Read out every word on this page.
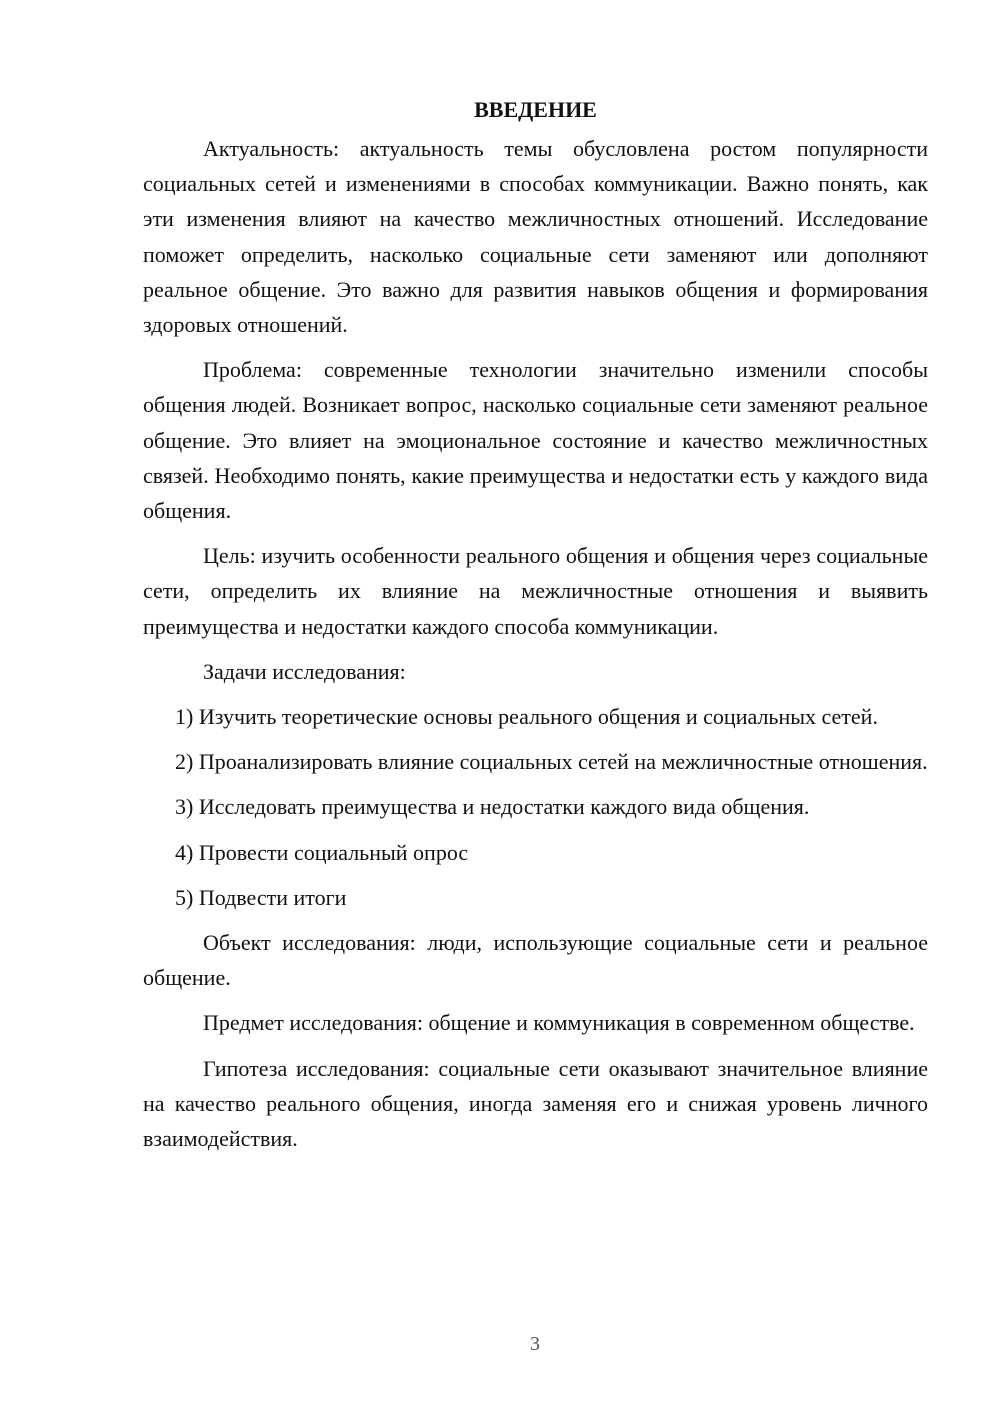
ВВЕДЕНИЕ

Актуальность: актуальность темы обусловлена ростом популярности социальных сетей и изменениями в способах коммуникации. Важно понять, как эти изменения влияют на качество межличностных отношений. Исследование поможет определить, насколько социальные сети заменяют или дополняют реальное общение. Это важно для развития навыков общения и формирования здоровых отношений.

Проблема: современные технологии значительно изменили способы общения людей. Возникает вопрос, насколько социальные сети заменяют реальное общение. Это влияет на эмоциональное состояние и качество межличностных связей. Необходимо понять, какие преимущества и недостатки есть у каждого вида общения.

Цель: изучить особенности реального общения и общения через социальные сети, определить их влияние на межличностные отношения и выявить преимущества и недостатки каждого способа коммуникации.

Задачи исследования:

1) Изучить теоретические основы реального общения и социальных сетей.

2) Проанализировать влияние социальных сетей на межличностные отношения.

3) Исследовать преимущества и недостатки каждого вида общения.

4) Провести социальный опрос

5) Подвести итоги

Объект исследования: люди, использующие социальные сети и реальное общение.

Предмет исследования: общение и коммуникация в современном обществе.

Гипотеза исследования: социальные сети оказывают значительное влияние на качество реального общения, иногда заменяя его и снижая уровень личного взаимодействия.

3
